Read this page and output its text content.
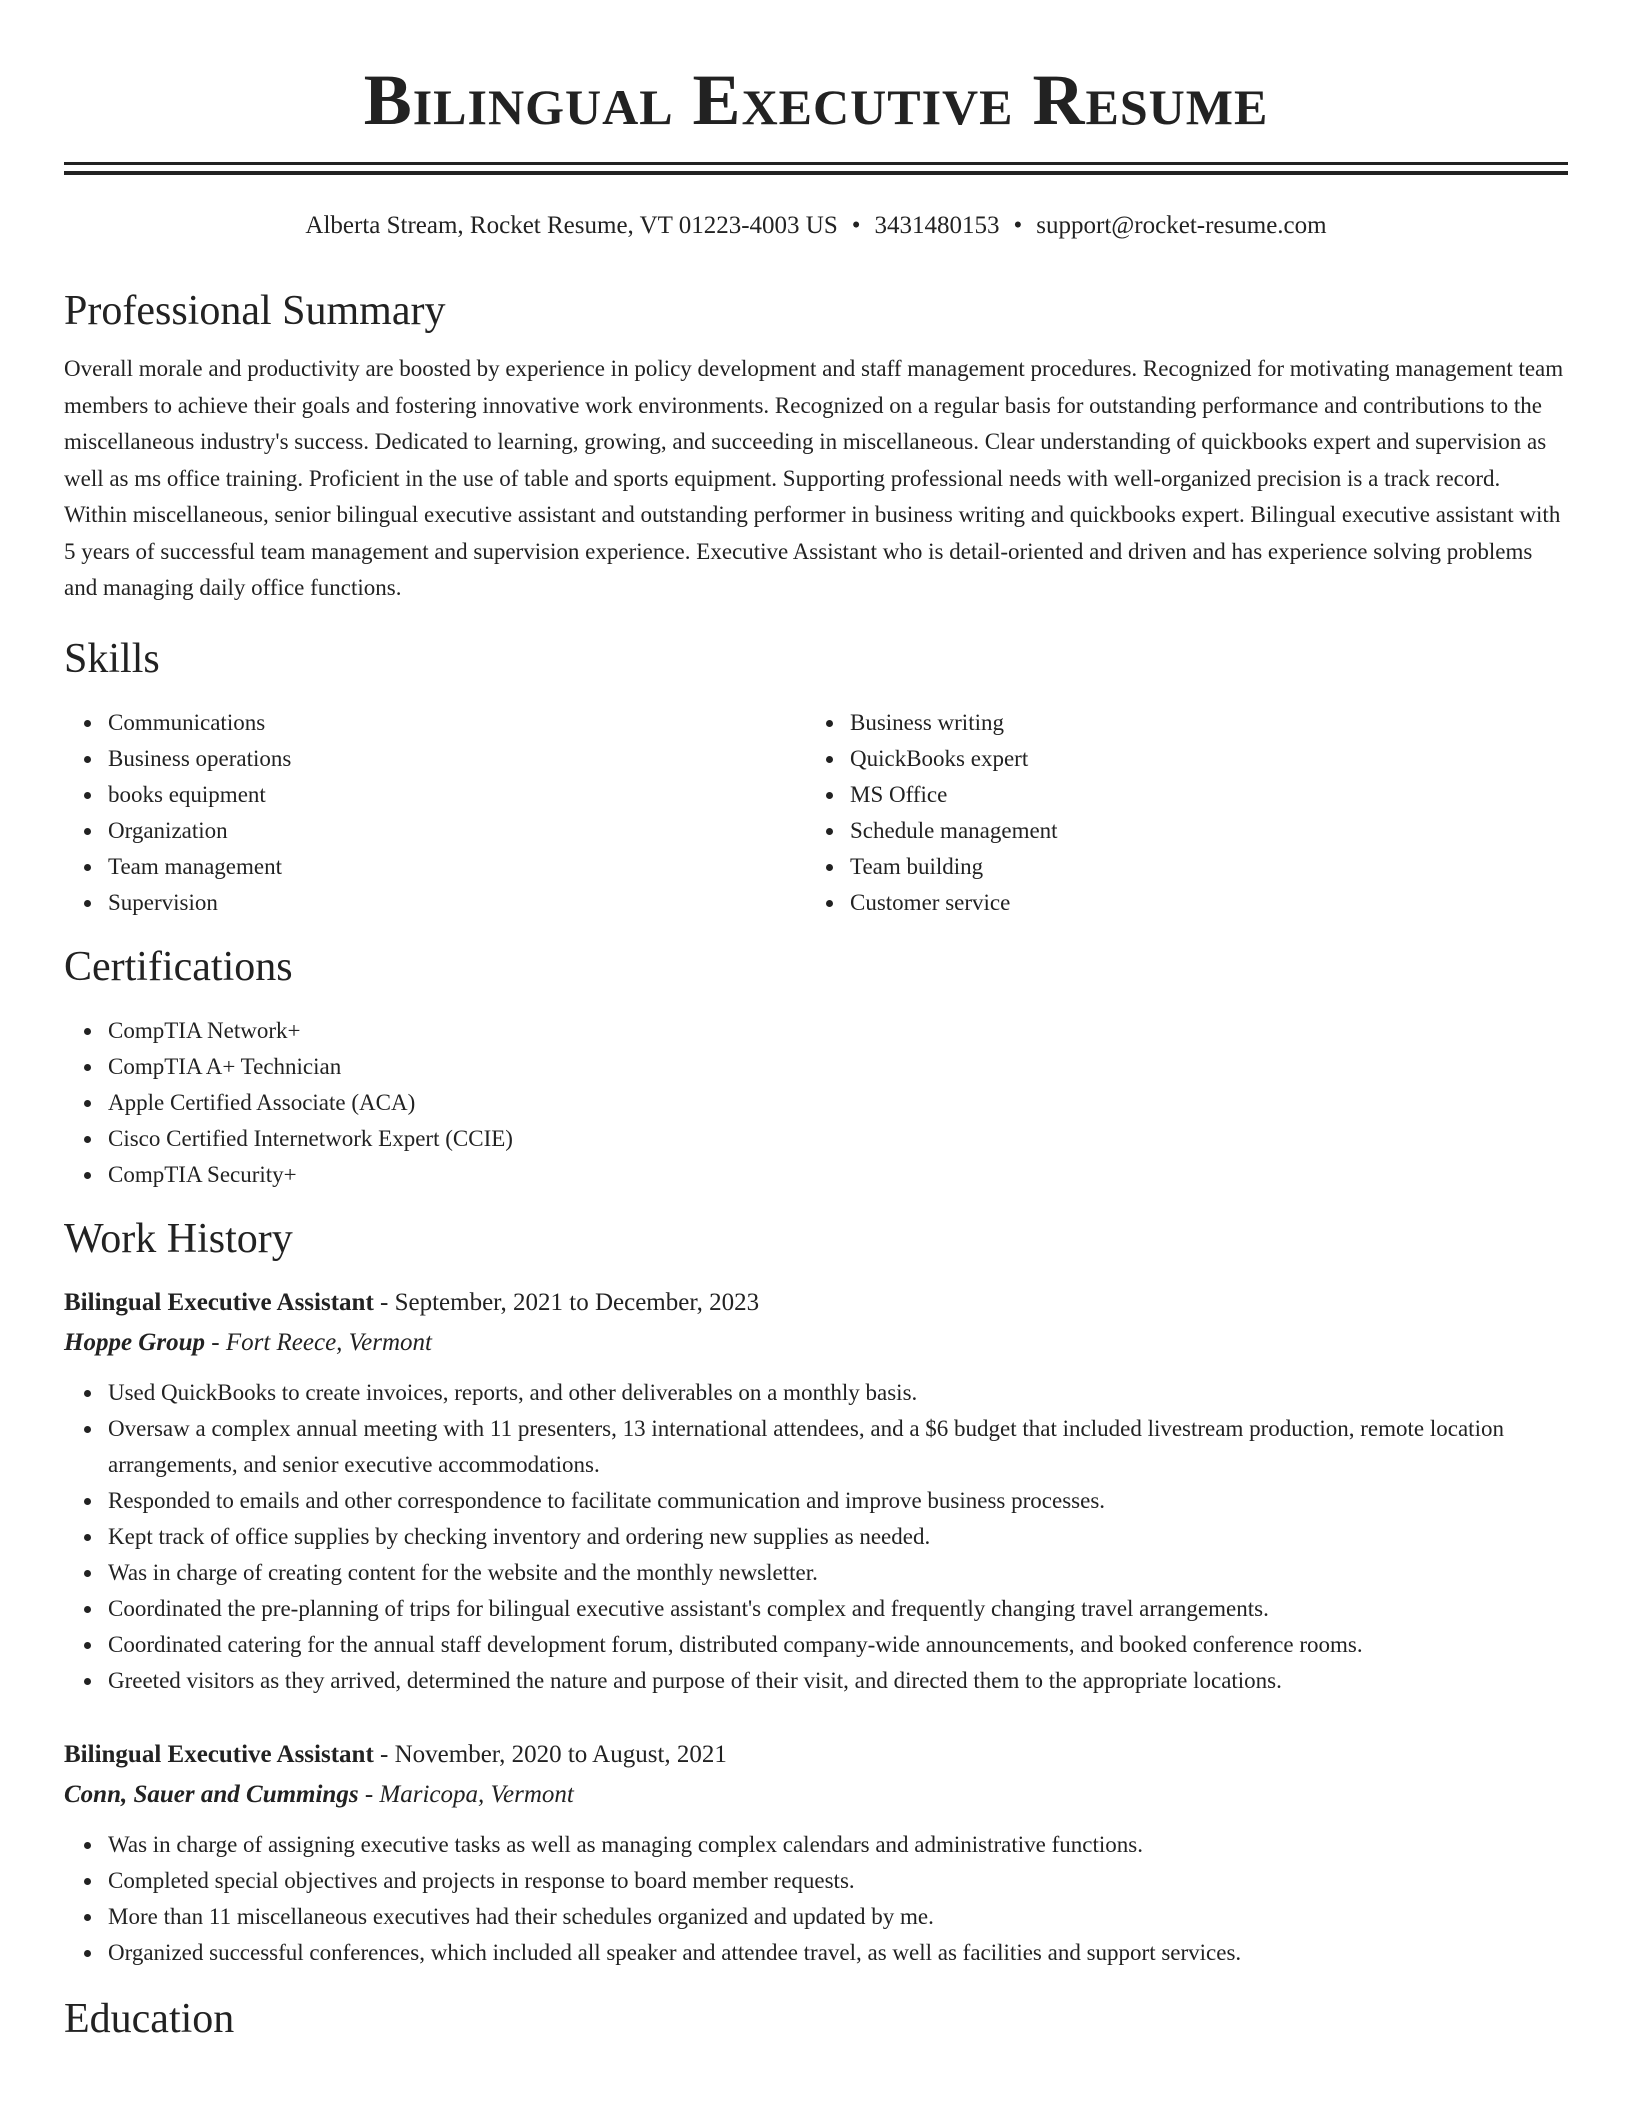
Bilingual Executive Resume
Alberta Stream, Rocket Resume, VT 01223-4003 US • 3431480153 • support@rocket-resume.com
Professional Summary

Overall morale and productivity are boosted by experience in policy development and staff management procedures. Recognized for motivating management team members to achieve their goals and fostering innovative work environments. Recognized on a regular basis for outstanding performance and contributions to the miscellaneous industry's success. Dedicated to learning, growing, and succeeding in miscellaneous. Clear understanding of quickbooks expert and supervision as well as ms office training. Proficient in the use of table and sports equipment. Supporting professional needs with well-organized precision is a track record. Within miscellaneous, senior bilingual executive assistant and outstanding performer in business writing and quickbooks expert. Bilingual executive assistant with 5 years of successful team management and supervision experience. Executive Assistant who is detail-oriented and driven and has experience solving problems and managing daily office functions.

Skills
Communications
Business operations
books equipment
Organization
Team management
Supervision
Business writing
QuickBooks expert
MS Office
Schedule management
Team building
Customer service
Certifications
CompTIA Network+
CompTIA A+ Technician
Apple Certified Associate (ACA)
Cisco Certified Internetwork Expert (CCIE)
CompTIA Security+
Work History
Bilingual Executive Assistant - September, 2021 to December, 2023
Hoppe Group - Fort Reece, Vermont
Used QuickBooks to create invoices, reports, and other deliverables on a monthly basis.
Oversaw a complex annual meeting with 11 presenters, 13 international attendees, and a $6 budget that included livestream production, remote location arrangements, and senior executive accommodations.
Responded to emails and other correspondence to facilitate communication and improve business processes.
Kept track of office supplies by checking inventory and ordering new supplies as needed.
Was in charge of creating content for the website and the monthly newsletter.
Coordinated the pre-planning of trips for bilingual executive assistant's complex and frequently changing travel arrangements.
Coordinated catering for the annual staff development forum, distributed company-wide announcements, and booked conference rooms.
Greeted visitors as they arrived, determined the nature and purpose of their visit, and directed them to the appropriate locations.
Bilingual Executive Assistant - November, 2020 to August, 2021
Conn, Sauer and Cummings - Maricopa, Vermont
Was in charge of assigning executive tasks as well as managing complex calendars and administrative functions.
Completed special objectives and projects in response to board member requests.
More than 11 miscellaneous executives had their schedules organized and updated by me.
Organized successful conferences, which included all speaker and attendee travel, as well as facilities and support services.
Education
